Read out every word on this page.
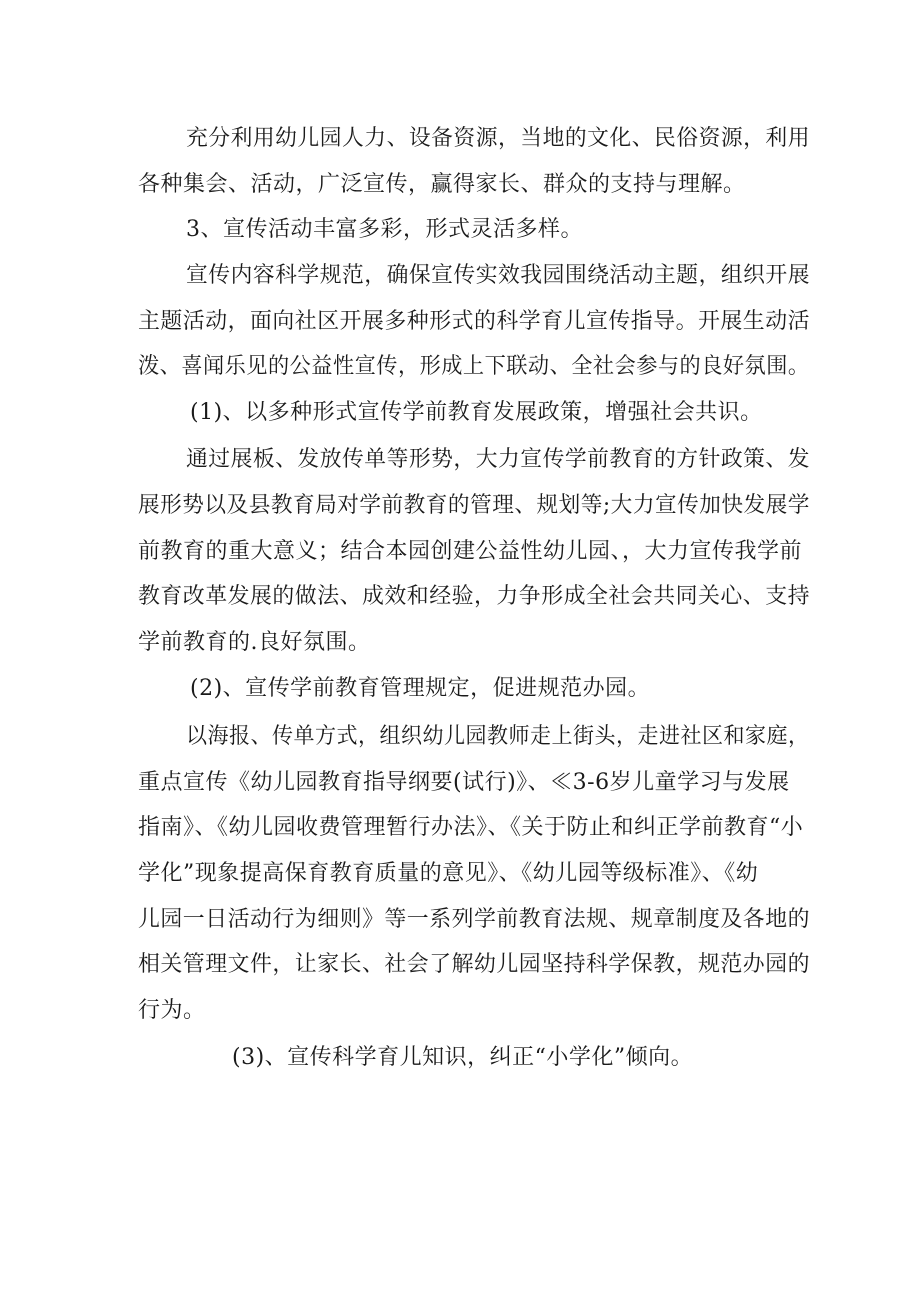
充分利用幼儿园人力、设备资源，当地的文化、民俗资源，利用
各种集会、活动，广泛宣传，赢得家长、群众的支持与理解。
3、宣传活动丰富多彩，形式灵活多样。
宣传内容科学规范，确保宣传实效我园围绕活动主题，组织开展
主题活动，面向社区开展多种形式的科学育儿宣传指导。开展生动活
泼、喜闻乐见的公益性宣传，形成上下联动、全社会参与的良好氛围。
(1)、以多种形式宣传学前教育发展政策，增强社会共识。
通过展板、发放传单等形势，大力宣传学前教育的方针政策、发
展形势以及县教育局对学前教育的管理、规划等;大力宣传加快发展学
前教育的重大意义；结合本园创建公益性幼儿园、，大力宣传我学前
教育改革发展的做法、成效和经验，力争形成全社会共同关心、支持
学前教育的.良好氛围。
(2)、宣传学前教育管理规定，促进规范办园。
以海报、传单方式，组织幼儿园教师走上街头，走进社区和家庭，
重点宣传《幼儿园教育指导纲要(试行)》、≪3-6岁儿童学习与发展
指南》、《幼儿园收费管理暂行办法》、《关于防止和纠正学前教育“小
学化”现象提高保育教育质量的意见》、《幼儿园等级标准》、《幼
儿园一日活动行为细则》等一系列学前教育法规、规章制度及各地的
相关管理文件，让家长、社会了解幼儿园坚持科学保教，规范办园的
行为。
(3)、宣传科学育儿知识，纠正“小学化”倾向。
